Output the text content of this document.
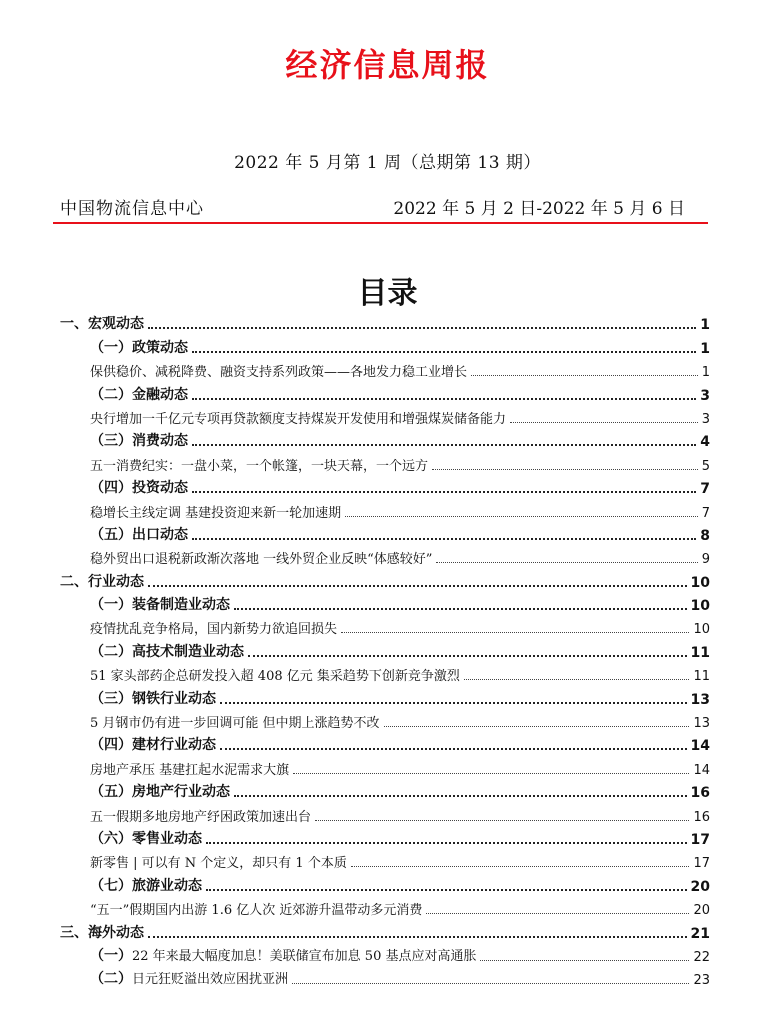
经济信息周报
2022 年 5 月第 1 周（总期第 13 期）
中国物流信息中心	2022 年 5 月 2 日-2022 年 5 月 6 日
目录
一、宏观动态	1
（一）政策动态	1
保供稳价、减税降费、融资支持系列政策——各地发力稳工业增长	1
（二）金融动态	3
央行增加一千亿元专项再贷款额度支持煤炭开发使用和增强煤炭储备能力	3
（三）消费动态	4
五一消费纪实：一盘小菜，一个帐篷，一块天幕，一个远方	5
（四）投资动态	7
稳增长主线定调 基建投资迎来新一轮加速期	7
（五）出口动态	8
稳外贸出口退税新政渐次落地 一线外贸企业反映“体感较好”	9
二、行业动态	10
（一）装备制造业动态	10
疫情扰乱竞争格局，国内新势力欲追回损失	10
（二）高技术制造业动态	11
51 家头部药企总研发投入超 408 亿元 集采趋势下创新竞争激烈	11
（三）钢铁行业动态	13
5 月钢市仍有进一步回调可能 但中期上涨趋势不改	13
（四）建材行业动态	14
房地产承压 基建扛起水泥需求大旗	14
（五）房地产行业动态	16
五一假期多地房地产纾困政策加速出台	16
（六）零售业动态	17
新零售 | 可以有 N 个定义，却只有 1 个本质	17
（七）旅游业动态	20
“五一”假期国内出游 1.6 亿人次 近郊游升温带动多元消费	20
三、海外动态	21
（一）22 年来最大幅度加息！美联储宣布加息 50 基点应对高通胀	22
（二）日元狂贬溢出效应困扰亚洲	23
